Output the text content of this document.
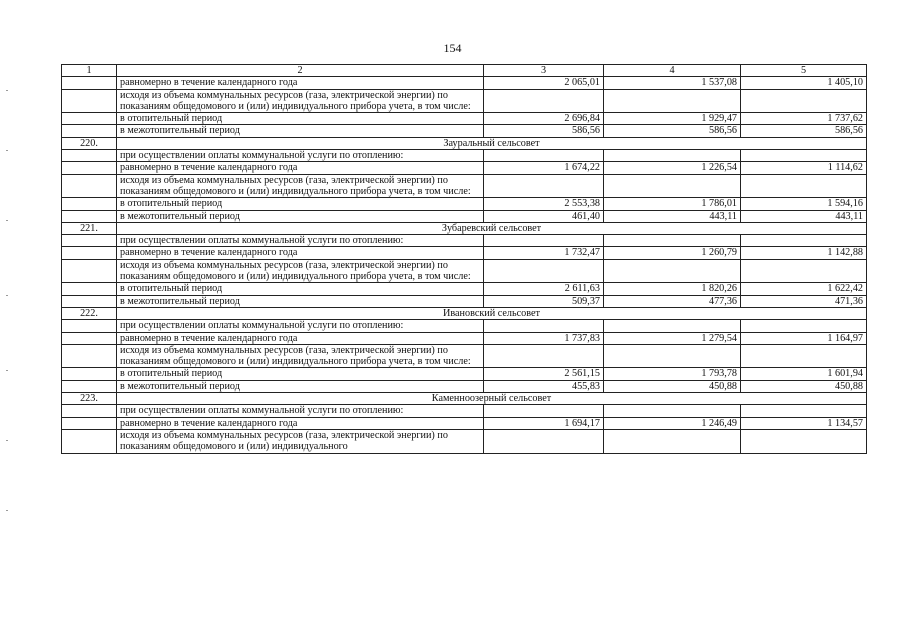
154
1	2	3	4	5
	равномерно в течение календарного года	2 065,01	1 537,08	1 405,10
	исходя из объема коммунальных ресурсов (газа, электрической энергии) по показаниям общедомового и (или) индивидуального прибора учета, в том числе:			
	в отопительный период	2 696,84	1 929,47	1 737,62
	в межотопительный период	586,56	586,56	586,56
220.	Зауральный сельсовет			
	при осуществлении оплаты коммунальной услуги по отоплению:			
	равномерно в течение календарного года	1 674,22	1 226,54	1 114,62
	исходя из объема коммунальных ресурсов (газа, электрической энергии) по показаниям общедомового и (или) индивидуального прибора учета, в том числе:			
	в отопительный период	2 553,38	1 786,01	1 594,16
	в межотопительный период	461,40	443,11	443,11
221.	Зубаревский сельсовет			
	при осуществлении оплаты коммунальной услуги по отоплению:			
	равномерно в течение календарного года	1 732,47	1 260,79	1 142,88
	исходя из объема коммунальных ресурсов (газа, электрической энергии) по показаниям общедомового и (или) индивидуального прибора учета, в том числе:			
	в отопительный период	2 611,63	1 820,26	1 622,42
	в межотопительный период	509,37	477,36	471,36
222.	Ивановский сельсовет			
	при осуществлении оплаты коммунальной услуги по отоплению:			
	равномерно в течение календарного года	1 737,83	1 279,54	1 164,97
	исходя из объема коммунальных ресурсов (газа, электрической энергии) по показаниям общедомового и (или) индивидуального прибора учета, в том числе:			
	в отопительный период	2 561,15	1 793,78	1 601,94
	в межотопительный период	455,83	450,88	450,88
223.	Каменноозерный сельсовет			
	при осуществлении оплаты коммунальной услуги по отоплению:			
	равномерно в течение календарного года	1 694,17	1 246,49	1 134,57
	исходя из объема коммунальных ресурсов (газа, электрической энергии) по показаниям общедомового и (или) индивидуального			
